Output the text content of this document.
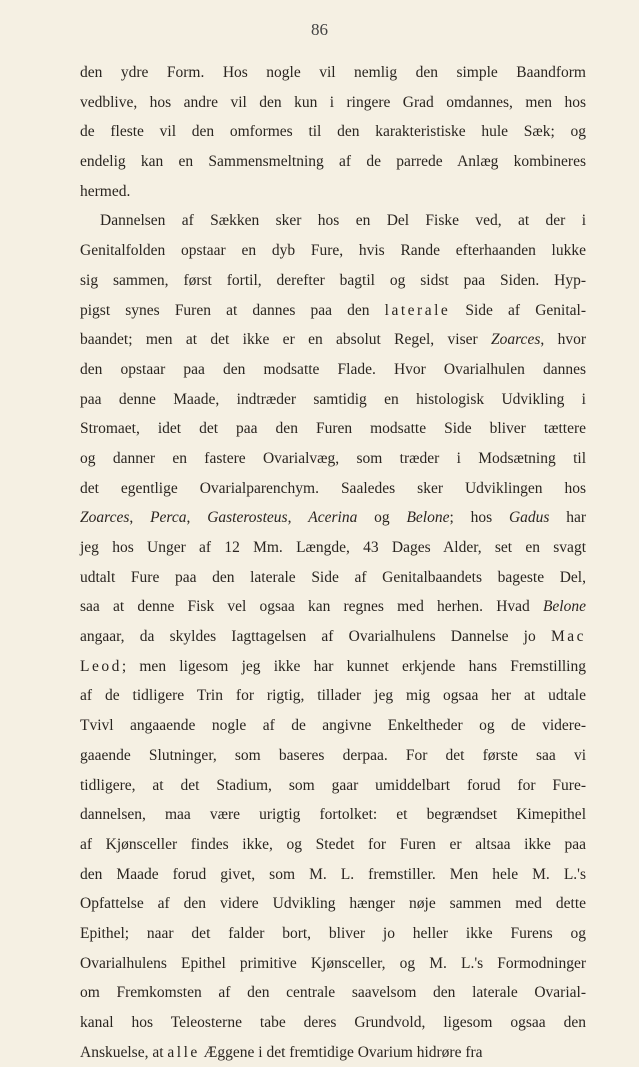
86
den ydre Form. Hos nogle vil nemlig den simple Baandform
vedblive, hos andre vil den kun i ringere Grad omdannes, men hos
de fleste vil den omformes til den karakteristiske hule Sæk; og
endelig kan en Sammensmeltning af de parrede Anlæg kombineres
hermed.
Dannelsen af Sækken sker hos en Del Fiske ved, at der i
Genitalfolden opstaar en dyb Fure, hvis Rande efterhaanden lukke
sig sammen, først fortil, derefter bagtil og sidst paa Siden. Hyp-
pigst synes Furen at dannes paa den laterale Side af Genital-
baandet; men at det ikke er en absolut Regel, viser Zoarces, hvor
den opstaar paa den modsatte Flade. Hvor Ovarialhulen dannes
paa denne Maade, indtræder samtidig en histologisk Udvikling i
Stromaet, idet det paa den Furen modsatte Side bliver tættere
og danner en fastere Ovarialvæg, som træder i Modsætning til
det egentlige Ovarialparenchym. Saaledes sker Udviklingen hos
Zoarces, Perca, Gasterosteus, Acerina og Belone; hos Gadus har
jeg hos Unger af 12 Mm. Længde, 43 Dages Alder, set en svagt
udtalt Fure paa den laterale Side af Genitalbaandets bageste Del,
saa at denne Fisk vel ogsaa kan regnes med herhen. Hvad Belone
angaar, da skyldes Iagttagelsen af Ovarialhulens Dannelse jo Mac
Leod; men ligesom jeg ikke har kunnet erkjende hans Fremstilling
af de tidligere Trin for rigtig, tillader jeg mig ogsaa her at udtale
Tvivl angaaende nogle af de angivne Enkeltheder og de videre-
gaaende Slutninger, som baseres derpaa. For det første saa vi
tidligere, at det Stadium, som gaar umiddelbart forud for Fure-
dannelsen, maa være urigtig fortolket: et begrændset Kimepithel
af Kjønsceller findes ikke, og Stedet for Furen er altsaa ikke paa
den Maade forud givet, som M. L. fremstiller. Men hele M. L.'s
Opfattelse af den videre Udvikling hænger nøje sammen med dette
Epithel; naar det falder bort, bliver jo heller ikke Furens og
Ovarialhulens Epithel primitive Kjønsceller, og M. L.'s Formodninger
om Fremkomsten af den centrale saavelsom den laterale Ovarial-
kanal hos Teleosterne tabe deres Grundvold, ligesom ogsaa den
Anskuelse, at alle Æggene i det fremtidige Ovarium hidrøre fra
